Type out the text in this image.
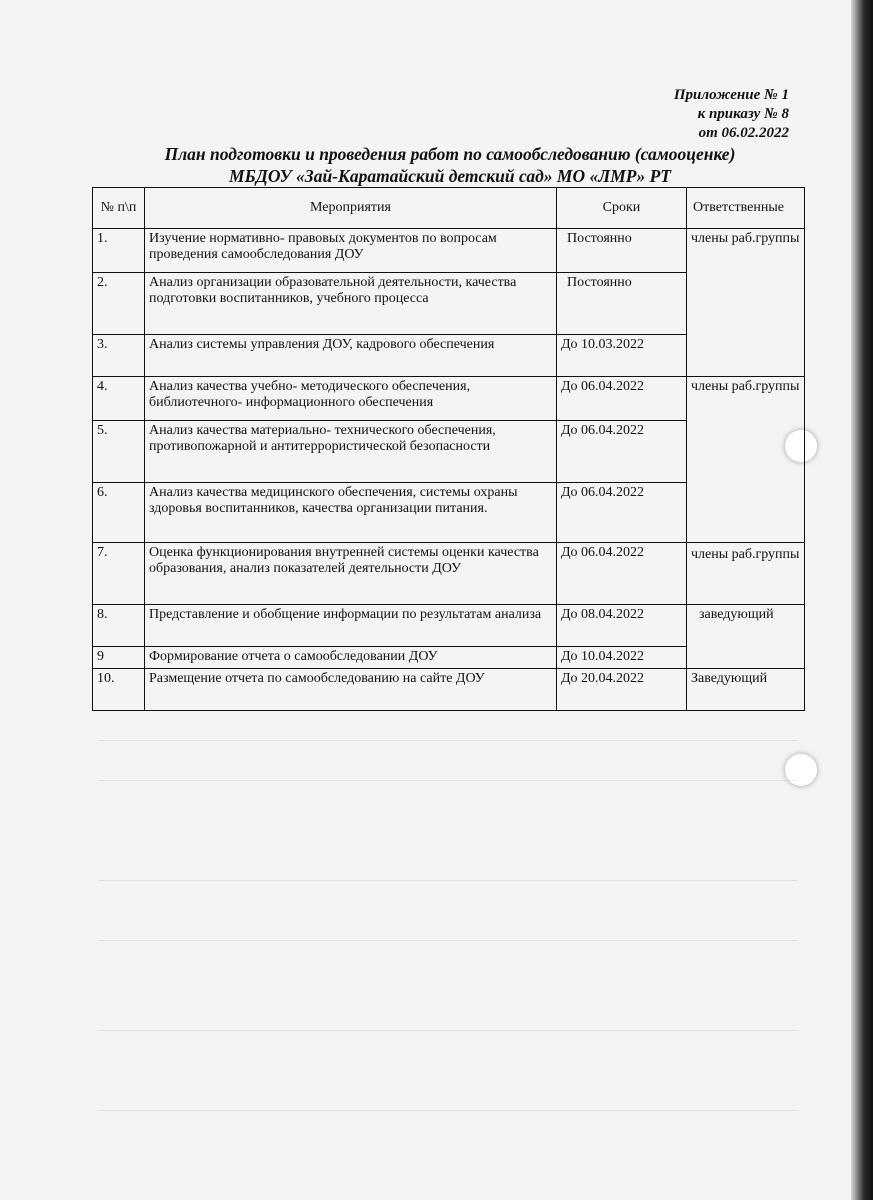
Приложение № 1
к приказу № 8
от 06.02.2022
План подготовки и проведения работ по самообследованию (самооценке)
МБДОУ «Зай-Каратайский детский сад» МО «ЛМР» РТ
№ п\п	Мероприятия	Сроки	Ответственные
1.	Изучение нормативно- правовых документов по вопросам проведения самообследования ДОУ	Постоянно	члены раб.группы
2.	Анализ организации образовательной деятельности, качества подготовки воспитанников, учебного процесса	Постоянно	
3.	Анализ системы управления ДОУ, кадрового обеспечения	До 10.03.2022	
4.	Анализ качества учебно- методического обеспечения, библиотечного- информационного обеспечения	До 06.04.2022	члены раб.группы
5.	Анализ качества материально- технического обеспечения, противопожарной и антитеррористической безопасности	До 06.04.2022	
6.	Анализ качества медицинского обеспечения, системы охраны здоровья воспитанников, качества организации питания.	До 06.04.2022	
7.	Оценка функционирования внутренней системы оценки качества образования, анализ показателей деятельности ДОУ	До 06.04.2022	члены раб.группы
8.	Представление и обобщение информации по результатам анализа	До 08.04.2022	заведующий
9	Формирование отчета о самообследовании ДОУ	До 10.04.2022	
10.	Размещение отчета по самообследованию на сайте ДОУ	До 20.04.2022	Заведующий
